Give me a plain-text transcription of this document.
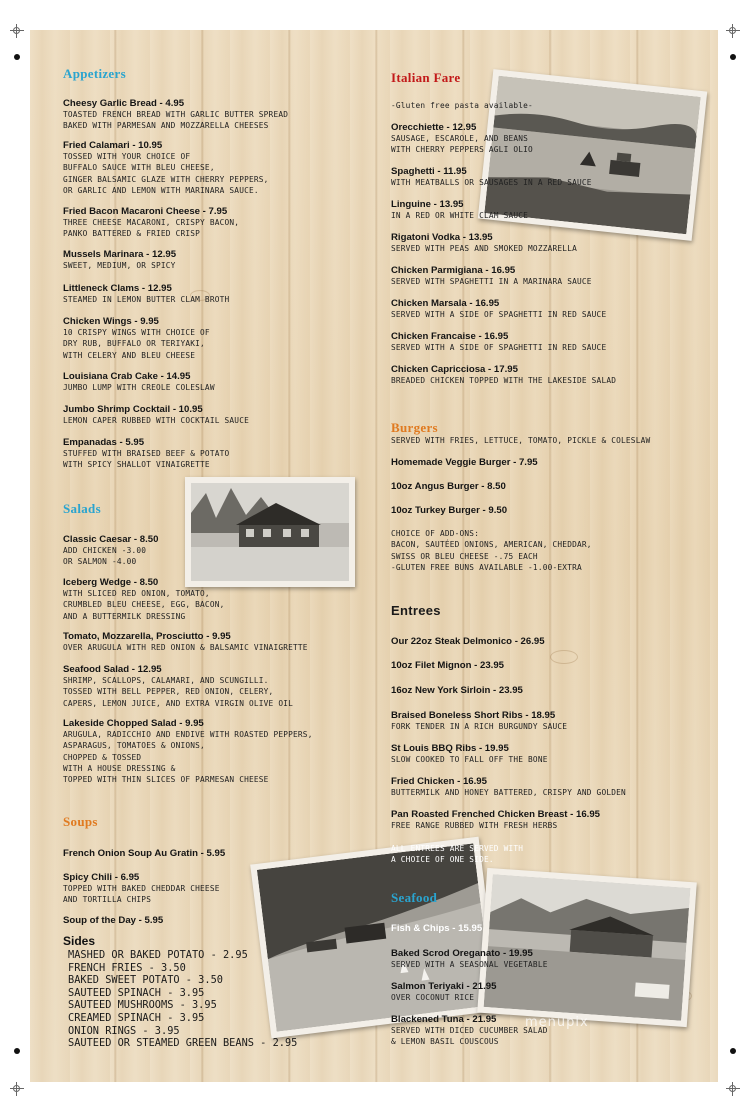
menupix
Appetizers
Cheesy Garlic Bread - 4.95
TOASTED FRENCH BREAD WITH GARLIC BUTTER SPREAD
BAKED WITH PARMESAN AND MOZZARELLA CHEESES
Fried Calamari - 10.95
TOSSED WITH YOUR CHOICE OF
BUFFALO SAUCE WITH BLEU CHEESE,
GINGER BALSAMIC GLAZE WITH CHERRY PEPPERS,
OR GARLIC AND LEMON WITH MARINARA SAUCE.
Fried Bacon Macaroni Cheese - 7.95
THREE CHEESE MACARONI, CRISPY BACON,
PANKO BATTERED & FRIED CRISP
Mussels Marinara - 12.95
SWEET, MEDIUM, OR SPICY
Littleneck Clams - 12.95
STEAMED IN LEMON BUTTER CLAM BROTH
Chicken Wings - 9.95
10 CRISPY WINGS WITH CHOICE OF
DRY RUB, BUFFALO OR TERIYAKI,
WITH CELERY AND BLEU CHEESE
Louisiana Crab Cake - 14.95
JUMBO LUMP WITH CREOLE COLESLAW
Jumbo Shrimp Cocktail - 10.95
LEMON CAPER RUBBED WITH COCKTAIL SAUCE
Empanadas - 5.95
STUFFED WITH BRAISED BEEF & POTATO
WITH SPICY SHALLOT VINAIGRETTE
Salads
Classic Caesar - 8.50
ADD CHICKEN -3.00
OR SALMON -4.00
Iceberg Wedge - 8.50
WITH SLICED RED ONION, TOMATO,
CRUMBLED BLEU CHEESE, EGG, BACON,
AND A BUTTERMILK DRESSING
Tomato, Mozzarella, Prosciutto - 9.95
OVER ARUGULA WITH RED ONION & BALSAMIC VINAIGRETTE
Seafood Salad - 12.95
SHRIMP, SCALLOPS, CALAMARI, AND SCUNGILLI.
TOSSED WITH BELL PEPPER, RED ONION, CELERY,
CAPERS, LEMON JUICE, AND EXTRA VIRGIN OLIVE OIL
Lakeside Chopped Salad - 9.95
ARUGULA, RADICCHIO AND ENDIVE WITH ROASTED PEPPERS,
ASPARAGUS, TOMATOES & ONIONS,
CHOPPED & TOSSED
WITH A HOUSE DRESSING &
TOPPED WITH THIN SLICES OF PARMESAN CHEESE
Soups
French Onion Soup Au Gratin - 5.95
Spicy Chili - 6.95
TOPPED WITH BAKED CHEDDAR CHEESE
AND TORTILLA CHIPS
Soup of the Day - 5.95
Sides
MASHED OR BAKED POTATO - 2.95
FRENCH FRIES - 3.50
BAKED SWEET POTATO - 3.50
SAUTEED SPINACH - 3.95
SAUTEED MUSHROOMS - 3.95
CREAMED SPINACH - 3.95
ONION RINGS - 3.95
SAUTEED OR STEAMED GREEN BEANS - 2.95
Italian Fare
-Gluten free pasta available-
Orecchiette - 12.95
SAUSAGE, ESCAROLE, AND BEANS
WITH CHERRY PEPPERS AGLI OLIO
Spaghetti - 11.95
WITH MEATBALLS OR SAUSAGES IN A RED SAUCE
Linguine - 13.95
IN A RED OR WHITE CLAM SAUCE
Rigatoni Vodka - 13.95
SERVED WITH PEAS AND SMOKED MOZZARELLA
Chicken Parmigiana - 16.95
SERVED WITH SPAGHETTI IN A MARINARA SAUCE
Chicken Marsala - 16.95
SERVED WITH A SIDE OF SPAGHETTI IN RED SAUCE
Chicken Francaise - 16.95
SERVED WITH A SIDE OF SPAGHETTI IN RED SAUCE
Chicken Capricciosa - 17.95
BREADED CHICKEN TOPPED WITH THE LAKESIDE SALAD
Burgers
SERVED WITH FRIES, LETTUCE, TOMATO, PICKLE & COLESLAW
Homemade Veggie Burger - 7.95
10oz Angus Burger - 8.50
10oz Turkey Burger - 9.50
CHOICE OF ADD-ONS:
BACON, SAUTÉED ONIONS, AMERICAN, CHEDDAR,
SWISS OR BLEU CHEESE -.75 EACH
-GLUTEN FREE BUNS AVAILABLE -1.00-EXTRA
Entrees
Our 22oz Steak Delmonico - 26.95
10oz Filet Mignon - 23.95
16oz New York Sirloin - 23.95
Braised Boneless Short Ribs - 18.95
FORK TENDER IN A RICH BURGUNDY SAUCE
St Louis BBQ Ribs - 19.95
SLOW COOKED TO FALL OFF THE BONE
Fried Chicken - 16.95
BUTTERMILK AND HONEY BATTERED, CRISPY AND GOLDEN
Pan Roasted Frenched Chicken Breast - 16.95
FREE RANGE RUBBED WITH FRESH HERBS
ALL ENTREES ARE SERVED WITH
A CHOICE OF ONE SIDE.
Seafood
Fish & Chips - 15.95
Baked Scrod Oreganato - 19.95
SERVED WITH A SEASONAL VEGETABLE
Salmon Teriyaki - 21.95
OVER COCONUT RICE
Blackened Tuna - 21.95
SERVED WITH DICED CUCUMBER SALAD
& LEMON BASIL COUSCOUS
